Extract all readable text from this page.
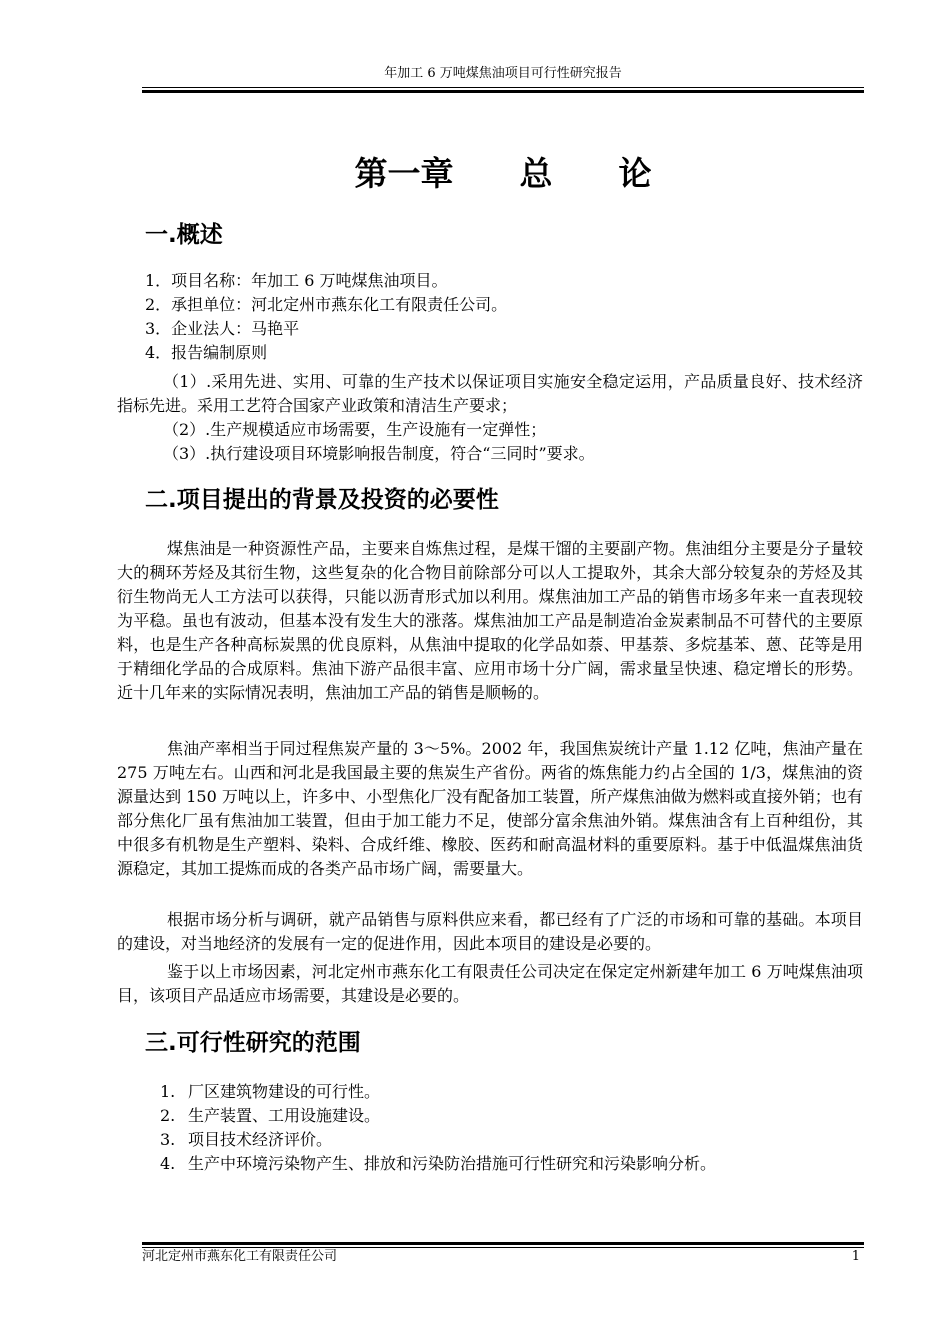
年加工 6 万吨煤焦油项目可行性研究报告
第一章　　总　　论
一.概述
1．项目名称：年加工 6 万吨煤焦油项目。
2．承担单位：河北定州市燕东化工有限责任公司。
3．企业法人：马艳平
4．报告编制原则

（1）.采用先进、实用、可靠的生产技术以保证项目实施安全稳定运用，产品质量良好、技术经济指标先进。采用工艺符合国家产业政策和清洁生产要求；

（2）.生产规模适应市场需要，生产设施有一定弹性；
（3）.执行建设项目环境影响报告制度，符合“三同时”要求。
二.项目提出的背景及投资的必要性

煤焦油是一种资源性产品，主要来自炼焦过程，是煤干馏的主要副产物。焦油组分主要是分子量较大的稠环芳烃及其衍生物，这些复杂的化合物目前除部分可以人工提取外，其余大部分较复杂的芳烃及其衍生物尚无人工方法可以获得，只能以沥青形式加以利用。煤焦油加工产品的销售市场多年来一直表现较为平稳。虽也有波动，但基本没有发生大的涨落。煤焦油加工产品是制造冶金炭素制品不可替代的主要原料，也是生产各种高标炭黑的优良原料，从焦油中提取的化学品如萘、甲基萘、多烷基苯、蒽、芘等是用于精细化学品的合成原料。焦油下游产品很丰富、应用市场十分广阔，需求量呈快速、稳定增长的形势。近十几年来的实际情况表明，焦油加工产品的销售是顺畅的。

焦油产率相当于同过程焦炭产量的 3～5%。2002 年，我国焦炭统计产量 1.12 亿吨，焦油产量在 275 万吨左右。山西和河北是我国最主要的焦炭生产省份。两省的炼焦能力约占全国的 1/3，煤焦油的资源量达到 150 万吨以上，许多中、小型焦化厂没有配备加工装置，所产煤焦油做为燃料或直接外销；也有部分焦化厂虽有焦油加工装置，但由于加工能力不足，使部分富余焦油外销。煤焦油含有上百种组份，其中很多有机物是生产塑料、染料、合成纤维、橡胶、医药和耐高温材料的重要原料。基于中低温煤焦油货源稳定，其加工提炼而成的各类产品市场广阔，需要量大。

根据市场分析与调研，就产品销售与原料供应来看，都已经有了广泛的市场和可靠的基础。本项目的建设，对当地经济的发展有一定的促进作用，因此本项目的建设是必要的。

鉴于以上市场因素，河北定州市燕东化工有限责任公司决定在保定定州新建年加工 6 万吨煤焦油项目，该项目产品适应市场需要，其建设是必要的。

三.可行性研究的范围
1. 厂区建筑物建设的可行性。
2. 生产装置、工用设施建设。
3. 项目技术经济评价。
4. 生产中环境污染物产生、排放和污染防治措施可行性研究和污染影响分析。
河北定州市燕东化工有限责任公司	1
